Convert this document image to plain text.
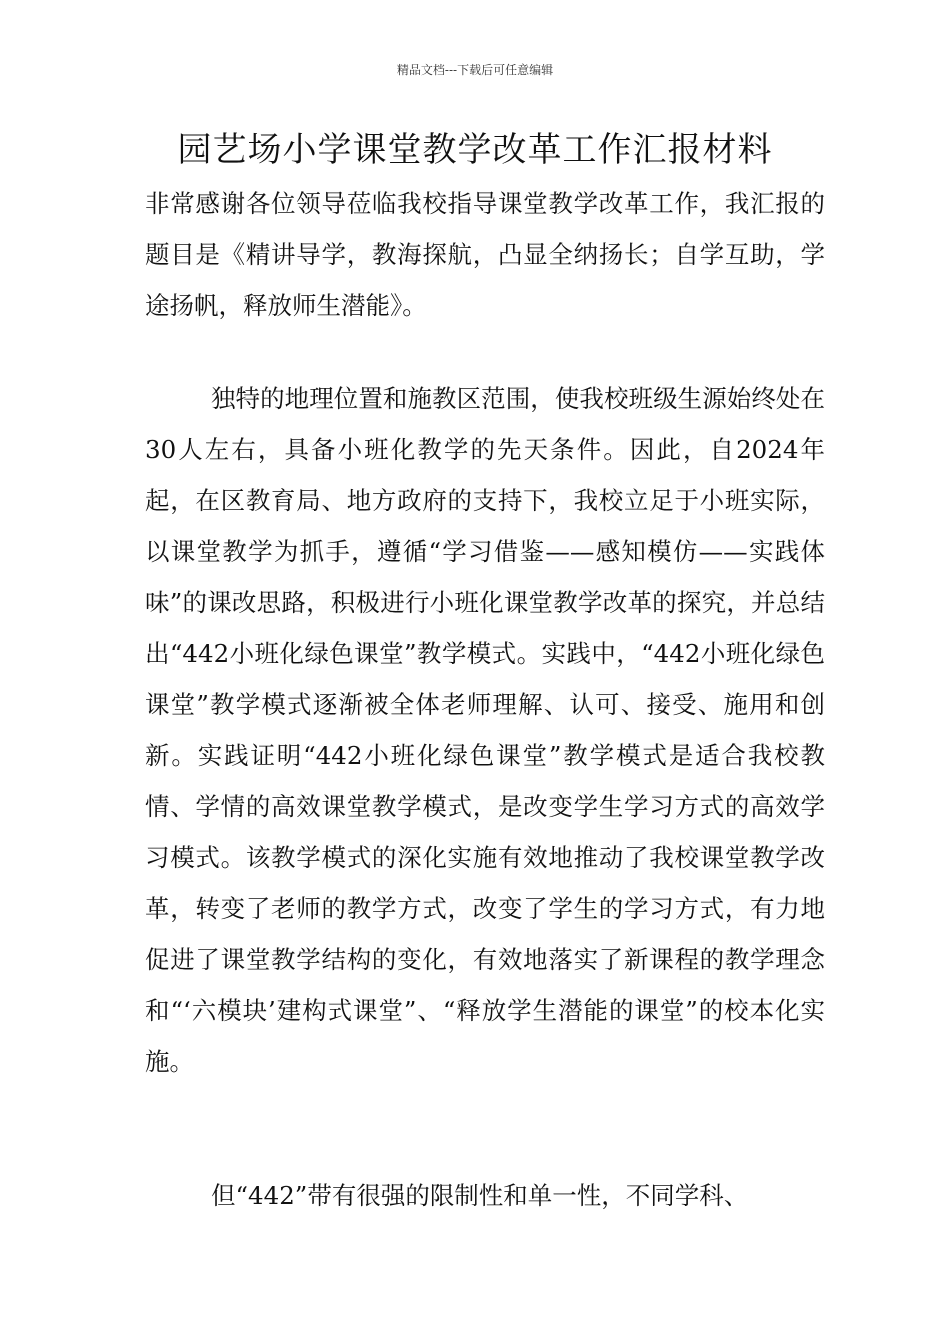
精品文档---下载后可任意编辑
园艺场小学课堂教学改革工作汇报材料

非常感谢各位领导莅临我校指导课堂教学改革工作，我汇报的题目是《精讲导学，教海探航，凸显全纳扬长；自学互助，学途扬帆，释放师生潜能》。

独特的地理位置和施教区范围，使我校班级生源始终处在30人左右，具备小班化教学的先天条件。因此，自2024年起，在区教育局、地方政府的支持下，我校立足于小班实际，以课堂教学为抓手，遵循“学习借鉴——感知模仿——实践体味”的课改思路，积极进行小班化课堂教学改革的探究，并总结出“442小班化绿色课堂”教学模式。实践中，“442小班化绿色课堂”教学模式逐渐被全体老师理解、认可、接受、施用和创新。实践证明“442小班化绿色课堂”教学模式是适合我校教情、学情的高效课堂教学模式，是改变学生学习方式的高效学习模式。该教学模式的深化实施有效地推动了我校课堂教学改革，转变了老师的教学方式，改变了学生的学习方式，有力地促进了课堂教学结构的变化，有效地落实了新课程的教学理念和“‘六模块’建构式课堂”、“释放学生潜能的课堂”的校本化实施。

但“442”带有很强的限制性和单一性，不同学科、
